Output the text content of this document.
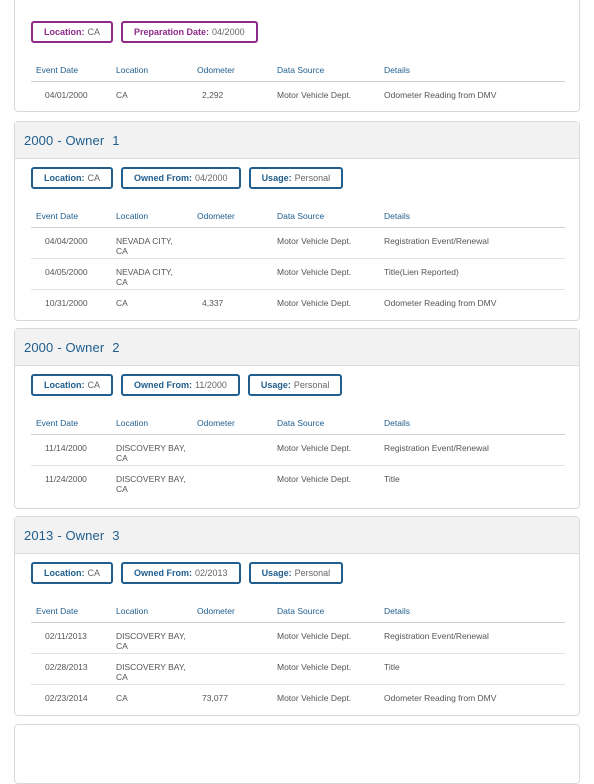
Location: CA	Preparation Date: 04/2000
Event Date	Location	Odometer	Data Source	Details

04/01/2000	CA	2,292	Motor Vehicle Dept.	Odometer Reading from DMV
2000 - Owner 1
Location: CA	Owned From: 04/2000	Usage: Personal
Event Date	Location	Odometer	Data Source	Details

04/04/2000	NEVADA CITY, CA		Motor Vehicle Dept.	Registration Event/Renewal

04/05/2000	NEVADA CITY, CA		Motor Vehicle Dept.	Title(Lien Reported)

10/31/2000	CA	4,337	Motor Vehicle Dept.	Odometer Reading from DMV
2000 - Owner 2
Location: CA	Owned From: 11/2000	Usage: Personal
Event Date	Location	Odometer	Data Source	Details

11/14/2000	DISCOVERY BAY, CA		Motor Vehicle Dept.	Registration Event/Renewal

11/24/2000	DISCOVERY BAY, CA		Motor Vehicle Dept.	Title
2013 - Owner 3
Location: CA	Owned From: 02/2013	Usage: Personal
Event Date	Location	Odometer	Data Source	Details

02/11/2013	DISCOVERY BAY, CA		Motor Vehicle Dept.	Registration Event/Renewal

02/28/2013	DISCOVERY BAY, CA		Motor Vehicle Dept.	Title

02/23/2014	CA	73,077	Motor Vehicle Dept.	Odometer Reading from DMV
